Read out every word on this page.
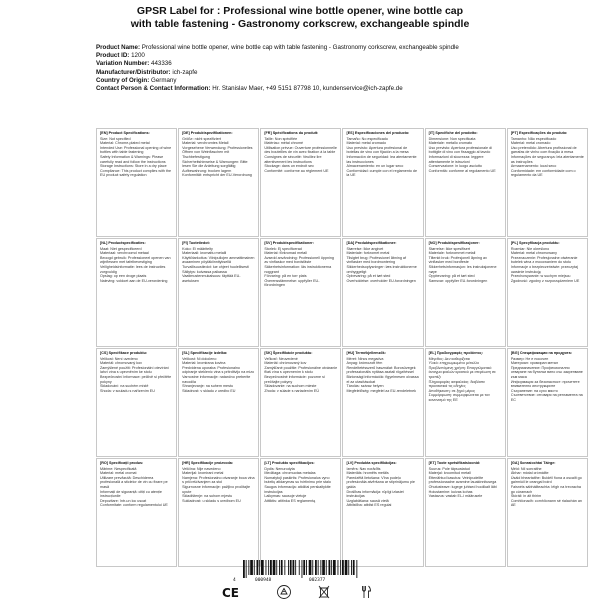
GPSR Label for : Professional wine bottle opener, wine bottle cap
with table fastening - Gastronomy corkscrew, exchangeable spindle
Product Name: Professional wine bottle opener, wine bottle cap with table fastening - Gastronomy corkscrew, exchangeable spindle
Product ID: 1200
Variation Number: 443336
Manufacturer/Distributor: ich-zapfe
Country of Origin: Germany
Contact Person & Contact Information: Hr. Stanislav Maer, +49 5151 87798 10, kundenservice@ich-zapfe.de
[EN] Product Specifications:
Size: Not specified
Material: Chrome-plated metal
Intended Use: Professional opening of wine bottles with table fastening
Safety Information & Warnings: Please carefully read and follow the instructions
Storage Instructions: Store in a dry place
Compliance: This product complies with the EU product safety regulation
[DE] Produktspezifikationen:
Größe: nicht spezifiziert
Material: verchromtes Metall
Vorgesehene Verwendung: Professionelles Öffnen von Weinflaschen mit Tischbefestigung
Sicherheitshinweise & Warnungen: Bitte lesen Sie die Anleitung sorgfältig
Aufbewahrung: trocken lagern
Konformität: entspricht der EU-Verordnung
[FR] Spécifications du produit:
Taille: Non spécifiée
Matériau: métal chromé
Utilisation prévue: Ouverture professionnelle des bouteilles de vin avec fixation à la table
Consignes de sécurité: Veuillez lire attentivement les instructions
Stockage: dans un endroit sec
Conformité: conforme au règlement UE
[ES] Especificaciones del producto:
Tamaño: No especificado
Material: metal cromado
Uso previsto: Apertura profesional de botellas de vino con fijación a la mesa
Información de seguridad: lea atentamente las instrucciones
Almacenamiento: en un lugar seco
Conformidad: cumple con el reglamento de la UE
[IT] Specifiche del prodotto:
Dimensione: Non specificata
Materiale: metallo cromato
Uso previsto: Apertura professionale di bottiglie di vino con fissaggio al tavolo
Informazioni di sicurezza: leggere attentamente le istruzioni
Conservazione: in luogo asciutto
Conformità: conforme al regolamento UE
[PT] Especificações do produto:
Tamanho: Não especificado
Material: metal cromado
Uso pretendido: Abertura profissional de garrafas de vinho com fixação à mesa
Informações de segurança: leia atentamente as instruções
Armazenamento: local seco
Conformidade: em conformidade com o regulamento da UE
[NL] Productspecificaties:
Maat: Niet gespecificeerd
Materiaal: verchroomd metaal
Beoogd gebruik: Professioneel openen van wijnflessen met tafelbevestiging
Veiligheidsinformatie: lees de instructies zorgvuldig
Opslag: op een droge plaats
Naleving: voldoet aan de EU-verordening
[FI] Tuotetiedot:
Koko: Ei määritelty
Materiaali: kromattu metalli
Käyttötarkoitus: Viinipullojen ammattimainen avaaminen pöytäkiinnityksellä
Turvallisuustiedot: lue ohjeet huolellisesti
Säilytys: kuivassa paikassa
Vaatimustenmukaisuus: täyttää EU-asetuksen
[SV] Produktspecifikationer:
Storlek: Ej specificerad
Material: förkromad metall
Avsedd användning: Professionell öppning av vinflaskor med bordsfäste
Säkerhetsinformation: läs instruktionerna noggrant
Förvaring: på en torr plats
Överensstämmelse: uppfyller EU-förordningen
[DA] Produktspecifikationer:
Størrelse: Ikke angivet
Materiale: forkromet metal
Tilsigtet brug: Professionel åbning af vinflasker med bordmontering
Sikkerhedsoplysninger: læs instruktionerne omhyggeligt
Opbevaring: på et tørt sted
Overholdelse: overholder EU-forordningen
[NO] Produktspesifikasjoner:
Størrelse: Ikke spesifisert
Materiale: forkrommet metall
Tiltenkt bruk: Profesjonell åpning av vinflasker med bordfeste
Sikkerhetsinformasjon: les instruksjonene nøye
Oppbevaring: på et tørt sted
Samsvar: oppfyller EU-forordningen
[PL] Specyfikacja produktu:
Rozmiar: Nie określono
Materiał: metal chromowany
Przeznaczenie: Profesjonalne otwieranie butelek wina z mocowaniem do stołu
Informacje o bezpieczeństwie: przeczytaj uważnie instrukcję
Przechowywanie: w suchym miejscu
Zgodność: zgodny z rozporządzeniem UE
[CS] Specifikace produktu:
Velikost: Není uvedeno
Materiál: chromovaný kov
Zamýšlené použití: Profesionální otevírání lahví vína s upevněním ke stolu
Bezpečnostní informace: pečlivě si přečtěte pokyny
Skladování: na suchém místě
Shoda: v souladu s nařízením EU
[SL] Specifikacije izdelka:
Velikost: Ni določeno
Material: kromirana kovina
Predvidena uporaba: Profesionalno odpiranje steklenic vina s pritrditvijo na mizo
Varnostne informacije: natančno preberite navodila
Shranjevanje: na suhem mestu
Skladnost: v skladu z uredbo EU
[SK] Špecifikácie produktu:
Veľkosť: Neuvedené
Materiál: chrómovaný kov
Zamýšľané použitie: Profesionálne otváranie fliaš vína s upevnením k stolu
Bezpečnostné informácie: pozorne si prečítajte pokyny
Skladovanie: na suchom mieste
Zhoda: v súlade s nariadením EÚ
[HU] Termékjellemzők:
Méret: Nincs megadva
Anyag: krómozott fém
Rendeltetésszerű használat: Borosüvegek professzionális nyitása asztali rögzítéssel
Biztonsági információk: figyelmesen olvassa el az utasításokat
Tárolás: száraz helyen
Megfelelőség: megfelel az EU-rendeletnek
[EL] Προδιαγραφές προϊόντος:
Μέγεθος: Δεν καθορίζεται
Υλικό: επιχρωμιωμένο μέταλλο
Προβλεπόμενη χρήση: Επαγγελματικό άνοιγμα φιαλών κρασιού με στερέωση σε τραπέζι
Πληροφορίες ασφαλείας: διαβάστε προσεκτικά τις οδηγίες
Αποθήκευση: σε ξηρό μέρος
Συμμόρφωση: συμμορφώνεται με τον κανονισμό της ΕΕ
[BG] Спецификации на продукта:
Размер: Не е посочен
Материал: хромиран метал
Предназначение: Професионално отваряне на бутилки вино със закрепване към маса
Информация за безопасност: прочетете внимателно инструкциите
Съхранение: на сухо място
Съответствие: отговаря на регламента на ЕС
[RO] Specificații produs:
Mărime: Nespecificată
Material: metal cromat
Utilizare prevăzută: Deschiderea profesională a sticlelor de vin cu fixare pe masă
Informații de siguranță: citiți cu atenție instrucțiunile
Depozitare: într-un loc uscat
Conformitate: conform regulamentului UE
[HR] Specifikacije proizvoda:
Veličina: Nije navedeno
Materijal: kromirani metal
Namjena: Profesionalno otvaranje boca vina s pričvršćivanjem za stol
Sigurnosne informacije: pažljivo pročitajte upute
Skladištenje: na suhom mjestu
Sukladnost: u skladu s uredbom EU
[LT] Produkto specifikacijos:
Dydis: Nenurodyta
Medžiaga: chromuotas metalas
Numatytoji paskirtis: Profesionalus vyno butelių atidarymas su tvirtinimu prie stalo
Saugos informacija: atidžiai perskaitykite instrukcijas
Laikymas: sausoje vietoje
Atitiktis: atitinka ES reglamentą
[LV] Produkta specifikācijas:
Izmērs: Nav norādīts
Materiāls: hromēts metāls
Paredzētā lietošana: Vīna pudeļu profesionāla atvēršana ar stiprinājumu pie galda
Drošības informācija: rūpīgi izlasiet instrukcijas
Uzglabāšana: sausā vietā
Atbilstība: atbilst ES regulai
[ET] Toote spetsifikatsioonid:
Suurus: Pole täpsustatud
Materjal: kroomitud metall
Ettenähtud kasutus: Veinipudelite professionaalne avamine lauakinnitusega
Ohutusteave: lugege juhised hoolikalt läbi
Hoiustamine: kuivas kohas
Vastavus: vastab EL-i määrusele
[GA] Sonraíochtaí Táirge:
Méid: Níl sonraithe
Ábhar: miotal crómáilte
Úsáid bheartaithe: Buidéil fíona a oscailt go gairmiúil le ceangal boird
Faisnéis sábháilteachta: léigh na treoracha go cúramach
Stóráil: in áit thirim
Comhlíonadh: comhlíonann sé rialachán an AE
4	000948	002377
CE
